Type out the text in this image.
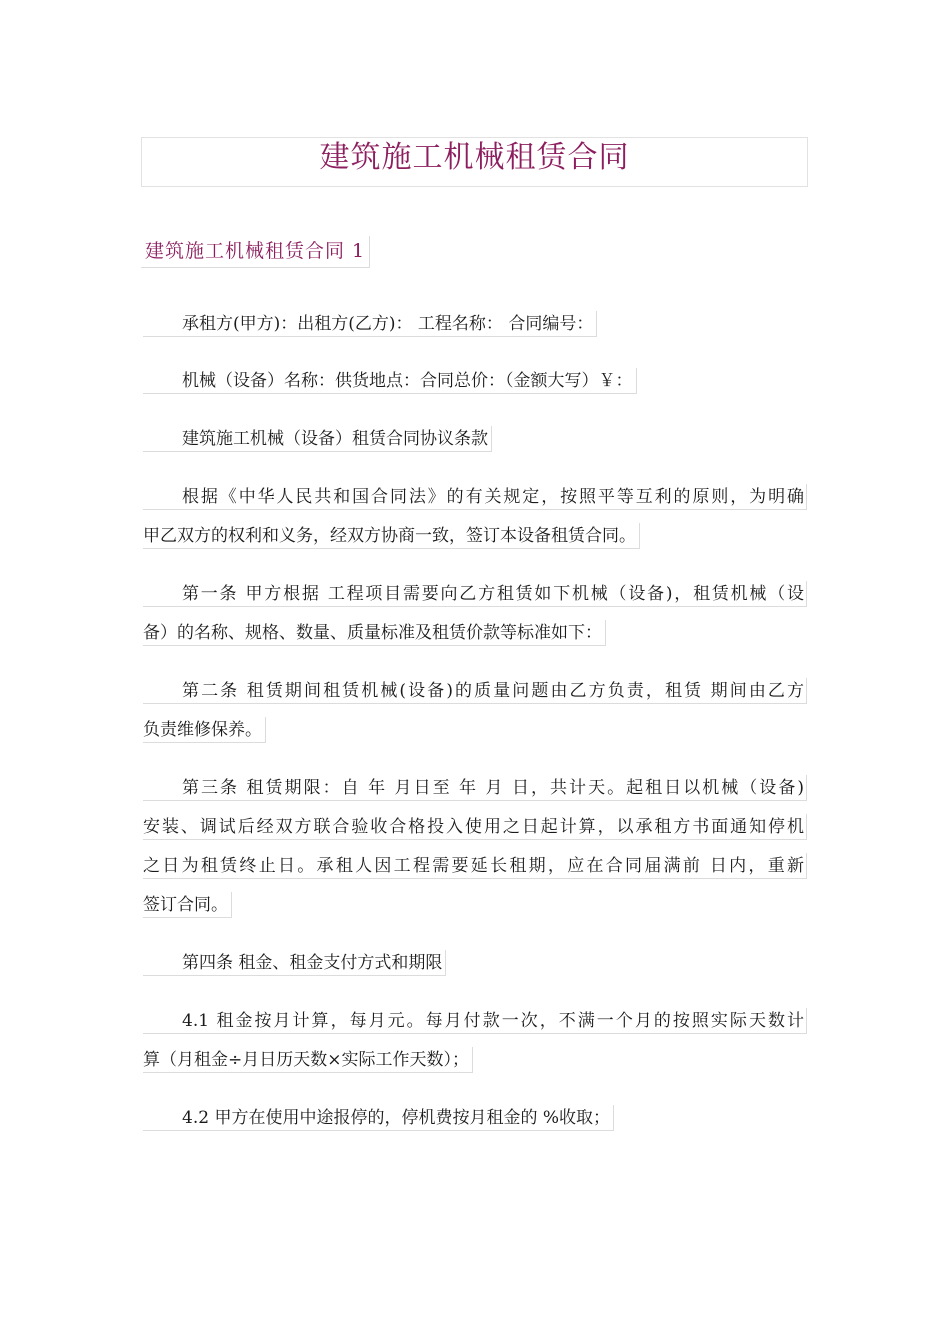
建筑施工机械租赁合同
建筑施工机械租赁合同 1
承租方(甲方)：出租方(乙方)： 工程名称： 合同编号：
机械（设备）名称：供货地点：合同总价：（金额大写）￥：
建筑施工机械（设备）租赁合同协议条款
根据《中华人民共和国合同法》的有关规定，按照平等互利的原则，为明确
甲乙双方的权利和义务，经双方协商一致，签订本设备租赁合同。
第一条 甲方根据 工程项目需要向乙方租赁如下机械（设备)，租赁机械（设
备）的名称、规格、数量、质量标准及租赁价款等标准如下：
第二条 租赁期间租赁机械(设备)的质量问题由乙方负责，租赁 期间由乙方
负责维修保养。
第三条 租赁期限：自 年 月日至 年 月 日，共计天。起租日以机械（设备)
安装、调试后经双方联合验收合格投入使用之日起计算，以承租方书面通知停机
之日为租赁终止日。承租人因工程需要延长租期，应在合同届满前 日内，重新
签订合同。
第四条 租金、租金支付方式和期限
4.1 租金按月计算，每月元。每月付款一次，不满一个月的按照实际天数计
算（月租金÷月日历天数×实际工作天数）；
4.2 甲方在使用中途报停的，停机费按月租金的 %收取；
